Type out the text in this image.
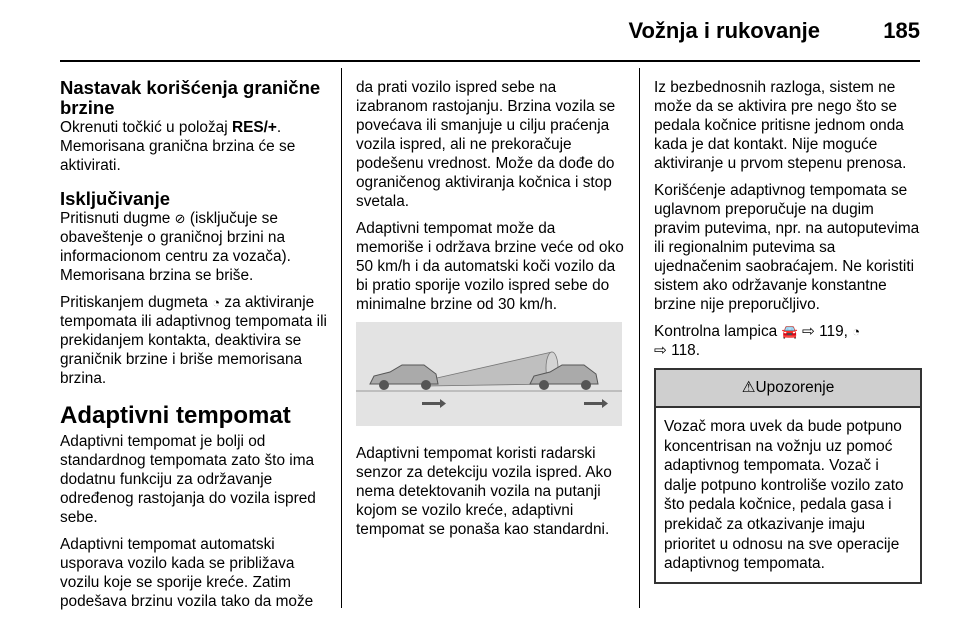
Vožnja i rukovanje	185
Nastavak korišćenja granične brzine

Okrenuti točkić u položaj RES/+. Memorisana granična brzina će se aktivirati.

Isključivanje

Pritisnuti dugme ⊘ (isključuje se obaveštenje o graničnoj brzini na informacionom centru za vozača). Memorisana brzina se briše.

Pritiskanjem dugmeta ◔ za aktiviranje tempomata ili adaptivnog tempomata ili prekidanjem kontakta, deaktivira se graničnik brzine i briše memorisana brzina.

Adaptivni tempomat

Adaptivni tempomat je bolji od standardnog tempomata zato što ima dodatnu funkciju za održavanje određenog rastojanja do vozila ispred sebe.

Adaptivni tempomat automatski usporava vozilo kada se približava vozilu koje se sporije kreće. Zatim podešava brzinu vozila tako da može

da prati vozilo ispred sebe na izabranom rastojanju. Brzina vozila se povećava ili smanjuje u cilju praćenja vozila ispred, ali ne prekoračuje podešenu vrednost. Može da dođe do ograničenog aktiviranja kočnica i stop svetala.

Adaptivni tempomat može da memoriše i održava brzine veće od oko 50 km/h i da automatski koči vozilo da bi pratio sporije vozilo ispred sebe do minimalne brzine od 30 km/h.

Adaptivni tempomat koristi radarski senzor za detekciju vozila ispred. Ako nema detektovanih vozila na putanji kojom se vozilo kreće, adaptivni tempomat se ponaša kao standardni.

Iz bezbednosnih razloga, sistem ne može da se aktivira pre nego što se pedala kočnice pritisne jednom onda kada je dat kontakt. Nije moguće aktiviranje u prvom stepenu prenosa.

Korišćenje adaptivnog tempomata se uglavnom preporučuje na dugim pravim putevima, npr. na autoputevima ili regionalnim putevima sa ujednačenim saobraćajem. Ne koristiti sistem ako održavanje konstantne brzine nije preporučljivo.

Kontrolna lampica 🚘 ⇨ 119, ◔
⇨ 118.

⚠Upozorenje
Vozač mora uvek da bude potpuno koncentrisan na vožnju uz pomoć adaptivnog tempomata. Vozač i dalje potpuno kontroliše vozilo zato što pedala kočnice, pedala gasa i prekidač za otkazivanje imaju prioritet u odnosu na sve operacije adaptivnog tempomata.
